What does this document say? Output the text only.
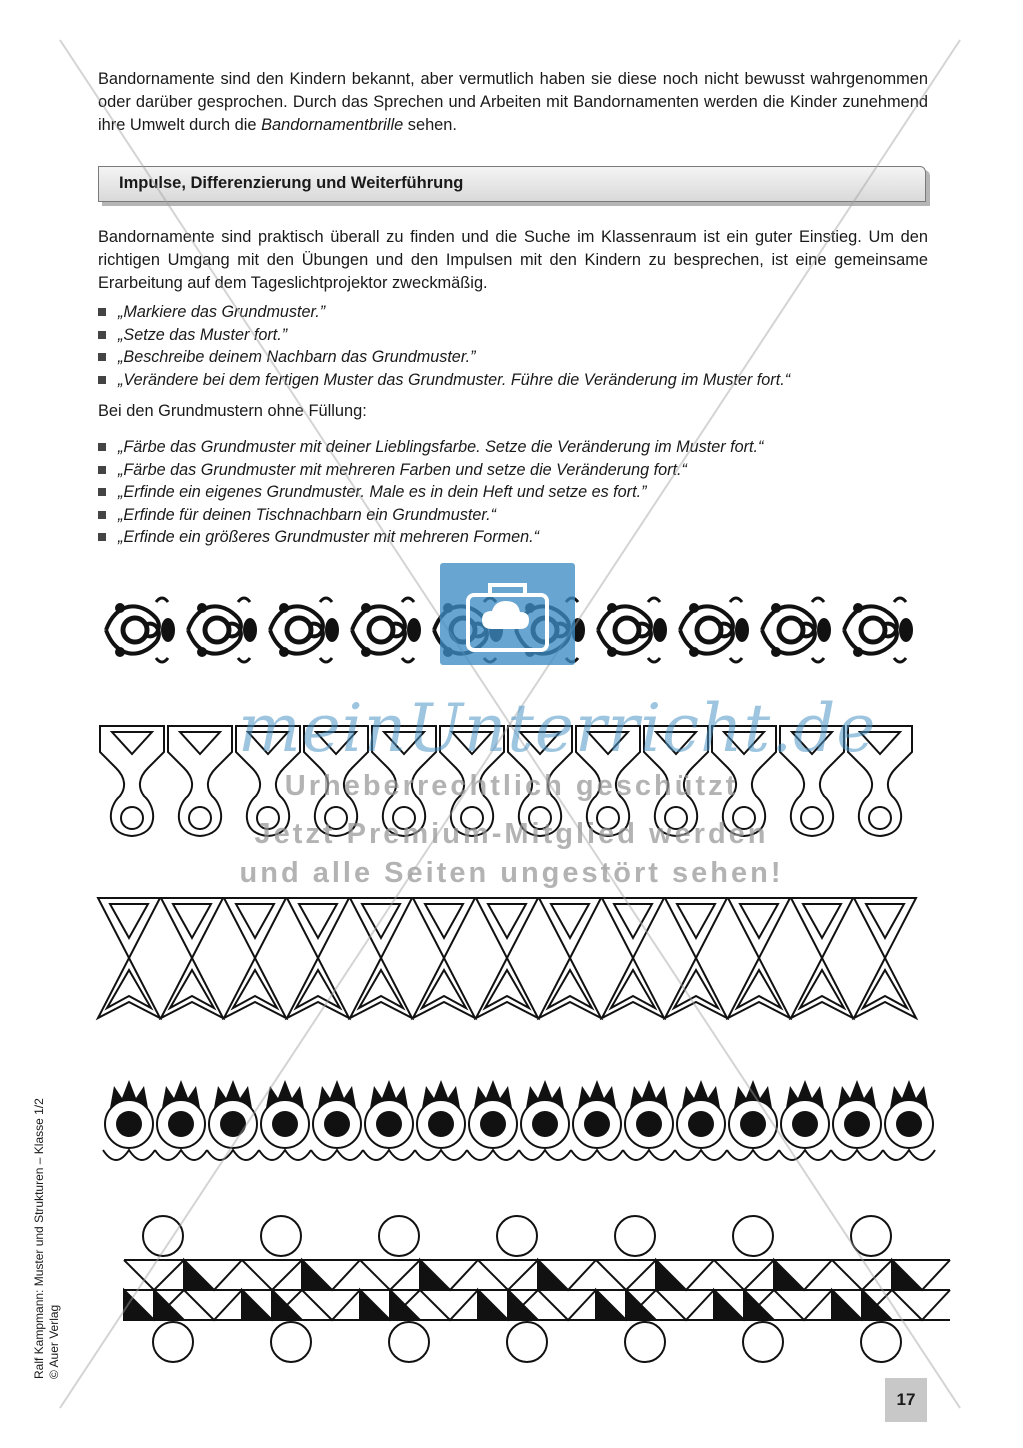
Bandornamente sind den Kindern bekannt, aber vermutlich haben sie diese noch nicht bewusst wahrgenommen oder darüber gesprochen. Durch das Sprechen und Arbeiten mit Bandornamenten werden die Kinder zunehmend ihre Umwelt durch die Bandornamentbrille sehen.

Impulse, Differenzierung und Weiterführung

Bandornamente sind praktisch überall zu finden und die Suche im Klassenraum ist ein guter Einstieg. Um den richtigen Umgang mit den Übungen und den Impulsen mit den Kindern zu besprechen, ist eine gemeinsame Erarbeitung auf dem Tageslichtprojektor zweckmäßig.

„Markiere das Grundmuster.”
„Setze das Muster fort.”
„Beschreibe deinem Nachbarn das Grundmuster.”
„Verändere bei dem fertigen Muster das Grundmuster. Führe die Veränderung im Muster fort.“

Bei den Grundmustern ohne Füllung:

„Färbe das Grundmuster mit deiner Lieblingsfarbe. Setze die Veränderung im Muster fort.“
„Färbe das Grundmuster mit mehreren Farben und setze die Veränderung fort.“
„Erfinde ein eigenes Grundmuster. Male es in dein Heft und setze es fort.”
„Erfinde für deinen Tischnachbarn ein Grundmuster.“
„Erfinde ein größeres Grundmuster mit mehreren Formen.“
meinUnterricht.de
Urheberrechtlich geschützt
Jetzt Premium-Mitglied werden
und alle Seiten ungestört sehen!
Ralf Kampmann: Muster und Strukturen – Klasse 1/2 © Auer Verlag
17
